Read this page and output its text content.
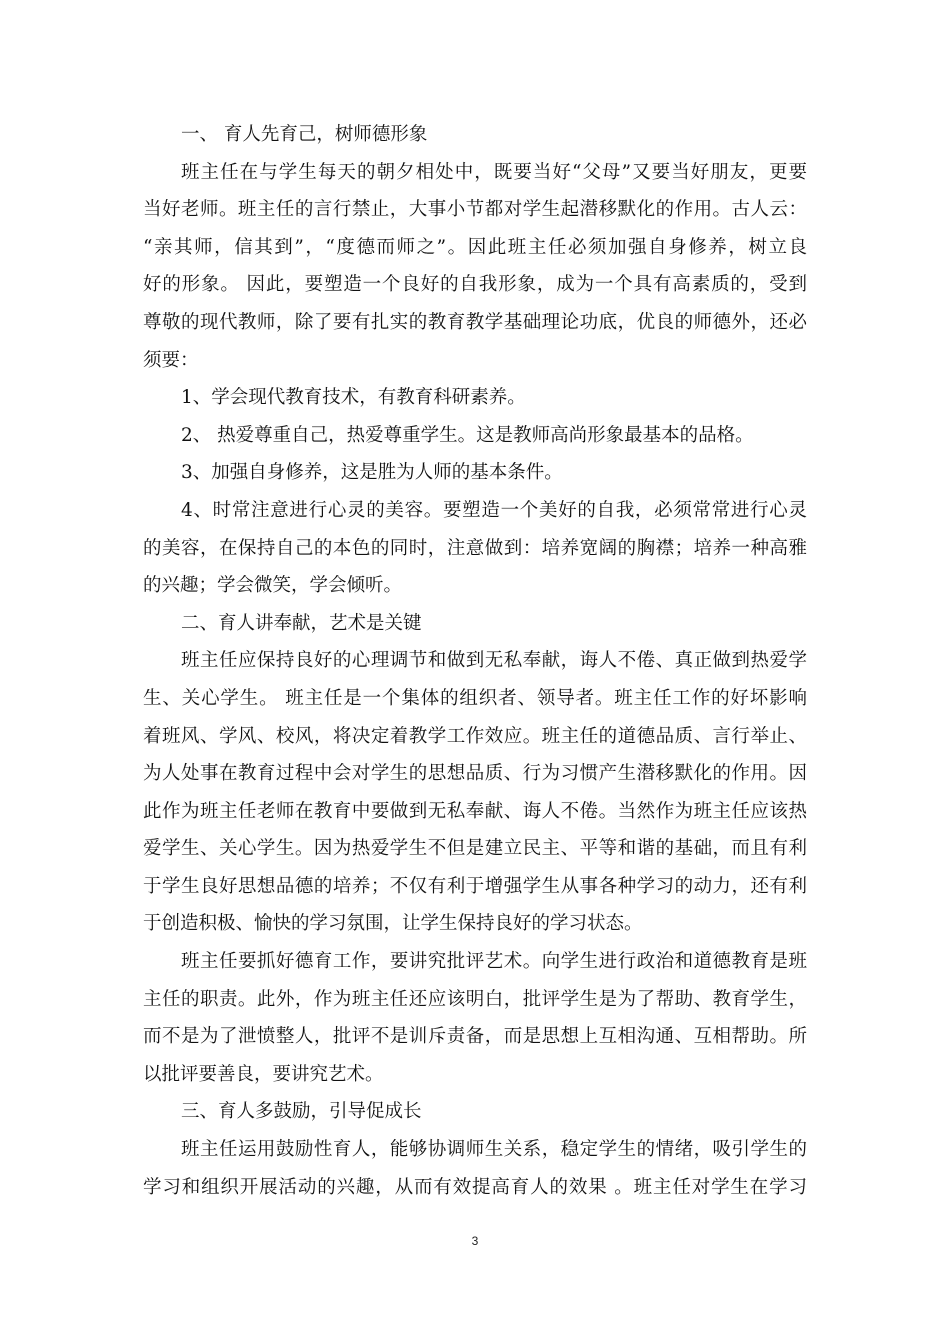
一、 育人先育己，树师德形象
班主任在与学生每天的朝夕相处中，既要当好“父母”又要当好朋友，更要
当好老师。班主任的言行禁止，大事小节都对学生起潜移默化的作用。古人云：
“亲其师，信其到”，“度德而师之”。因此班主任必须加强自身修养，树立良
好的形象。 因此，要塑造一个良好的自我形象，成为一个具有高素质的，受到
尊敬的现代教师，除了要有扎实的教育教学基础理论功底，优良的师德外，还必
须要：
1、学会现代教育技术，有教育科研素养。
2、 热爱尊重自己，热爱尊重学生。这是教师高尚形象最基本的品格。
3、加强自身修养，这是胜为人师的基本条件。
4、时常注意进行心灵的美容。要塑造一个美好的自我，必须常常进行心灵
的美容，在保持自己的本色的同时，注意做到：培养宽阔的胸襟；培养一种高雅
的兴趣；学会微笑，学会倾听。
二、育人讲奉献，艺术是关键
班主任应保持良好的心理调节和做到无私奉献，诲人不倦、真正做到热爱学
生、关心学生。 班主任是一个集体的组织者、领导者。班主任工作的好坏影响
着班风、学风、校风，将决定着教学工作效应。班主任的道德品质、言行举止、
为人处事在教育过程中会对学生的思想品质、行为习惯产生潜移默化的作用。因
此作为班主任老师在教育中要做到无私奉献、诲人不倦。当然作为班主任应该热
爱学生、关心学生。因为热爱学生不但是建立民主、平等和谐的基础，而且有利
于学生良好思想品德的培养；不仅有利于增强学生从事各种学习的动力，还有利
于创造积极、愉快的学习氛围，让学生保持良好的学习状态。
班主任要抓好德育工作，要讲究批评艺术。向学生进行政治和道德教育是班
主任的职责。此外，作为班主任还应该明白，批评学生是为了帮助、教育学生，
而不是为了泄愤整人，批评不是训斥责备，而是思想上互相沟通、互相帮助。所
以批评要善良，要讲究艺术。
三、育人多鼓励，引导促成长
班主任运用鼓励性育人，能够协调师生关系，稳定学生的情绪，吸引学生的
学习和组织开展活动的兴趣，从而有效提高育人的效果 。班主任对学生在学习
3
